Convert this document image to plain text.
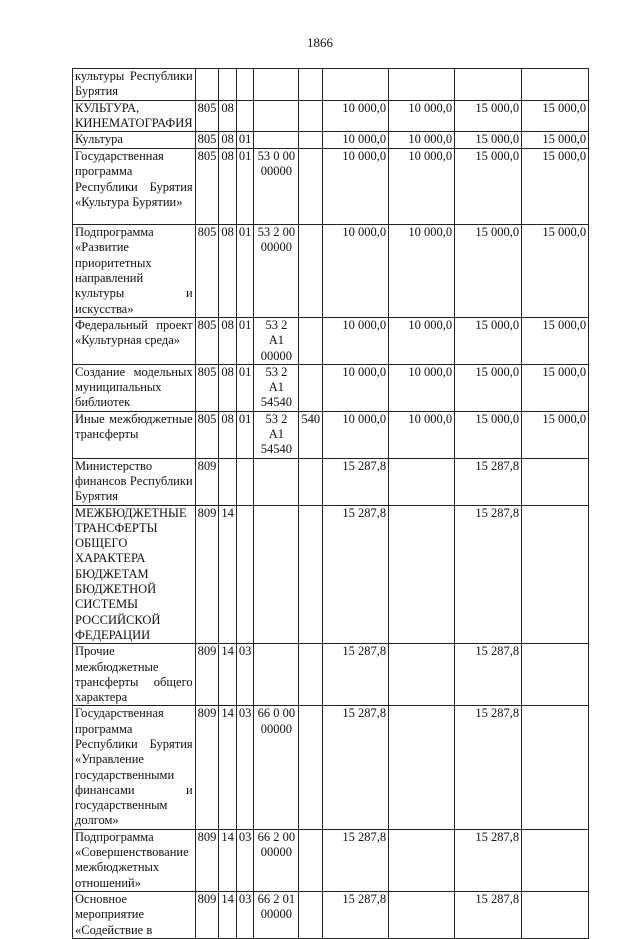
1866
культуры Республики Бурятия									
КУЛЬТУРА, КИНЕМАТОГРАФИЯ	805	08				10 000,0	10 000,0	15 000,0	15 000,0
Культура	805	08	01			10 000,0	10 000,0	15 000,0	15 000,0
Государственная программа Республики Бурятия «Культура Бурятии»	805	08	01	53 0 00 00000		10 000,0	10 000,0	15 000,0	15 000,0
Подпрограмма «Развитие приоритетных направлений культуры и искусства»	805	08	01	53 2 00 00000		10 000,0	10 000,0	15 000,0	15 000,0
Федеральный проект «Культурная среда»	805	08	01	53 2 А1 00000		10 000,0	10 000,0	15 000,0	15 000,0
Создание модельных муниципальных библиотек	805	08	01	53 2 А1 54540		10 000,0	10 000,0	15 000,0	15 000,0
Иные межбюджетные трансферты	805	08	01	53 2 А1 54540	540	10 000,0	10 000,0	15 000,0	15 000,0
Министерство финансов Республики Бурятия	809					15 287,8		15 287,8	
МЕЖБЮДЖЕТНЫЕ ТРАНСФЕРТЫ ОБЩЕГО ХАРАКТЕРА БЮДЖЕТАМ БЮДЖЕТНОЙ СИСТЕМЫ РОССИЙСКОЙ ФЕДЕРАЦИИ	809	14				15 287,8		15 287,8	
Прочие межбюджетные трансферты общего характера	809	14	03			15 287,8		15 287,8	
Государственная программа Республики Бурятия «Управление государственными финансами и государственным долгом»	809	14	03	66 0 00 00000		15 287,8		15 287,8	
Подпрограмма «Совершенствование межбюджетных отношений»	809	14	03	66 2 00 00000		15 287,8		15 287,8	
Основное мероприятие «Содействие в	809	14	03	66 2 01 00000		15 287,8		15 287,8	
